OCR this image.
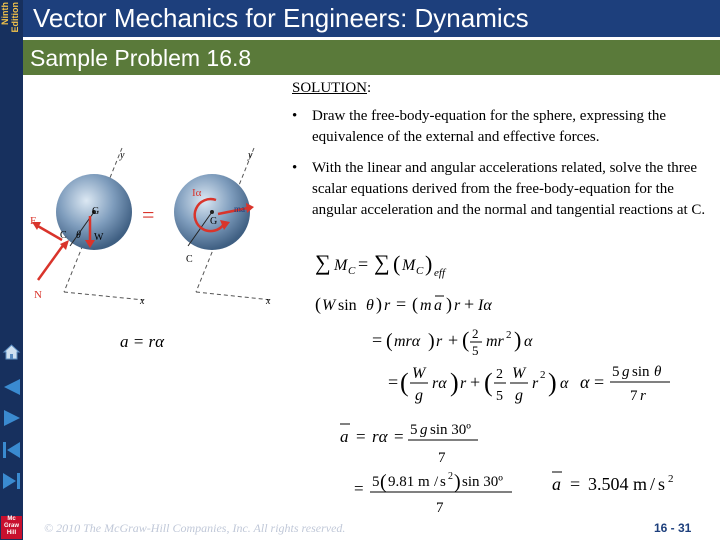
Ninth Edition Vector Mechanics for Engineers: Dynamics
Sample Problem 16.8
Mc
Graw
Hill
y
x
G
C	W
θ
F
N
=
y
x
G
C
Iα
ma
SOLUTION:
• Draw the free-body-equation for the sphere, expressing the equivalence of the external and effective forces.
• With the linear and angular accelerations related, solve the three scalar equations derived from the free-body-equation for the angular acceleration and the normal and tangential reactions at C.
a = rα
∑ M C = ∑ ( M C ) eff
( W sin θ ) r = ( m a ) r + Iα
= ( mrα ) r + ( 2
5
mr 2 ) α
= ( W
g
rα ) r + ( 2
5
W
g
r 2 ) α α = 5 g sin θ
7 r
a = rα = 5 g sin 30º
7
= 5 ( 9.81 m / s 2 ) sin 30º
7
a = 3.504 m / s 2
© 2010 The McGraw-Hill Companies, Inc. All rights reserved.	16 - 31
